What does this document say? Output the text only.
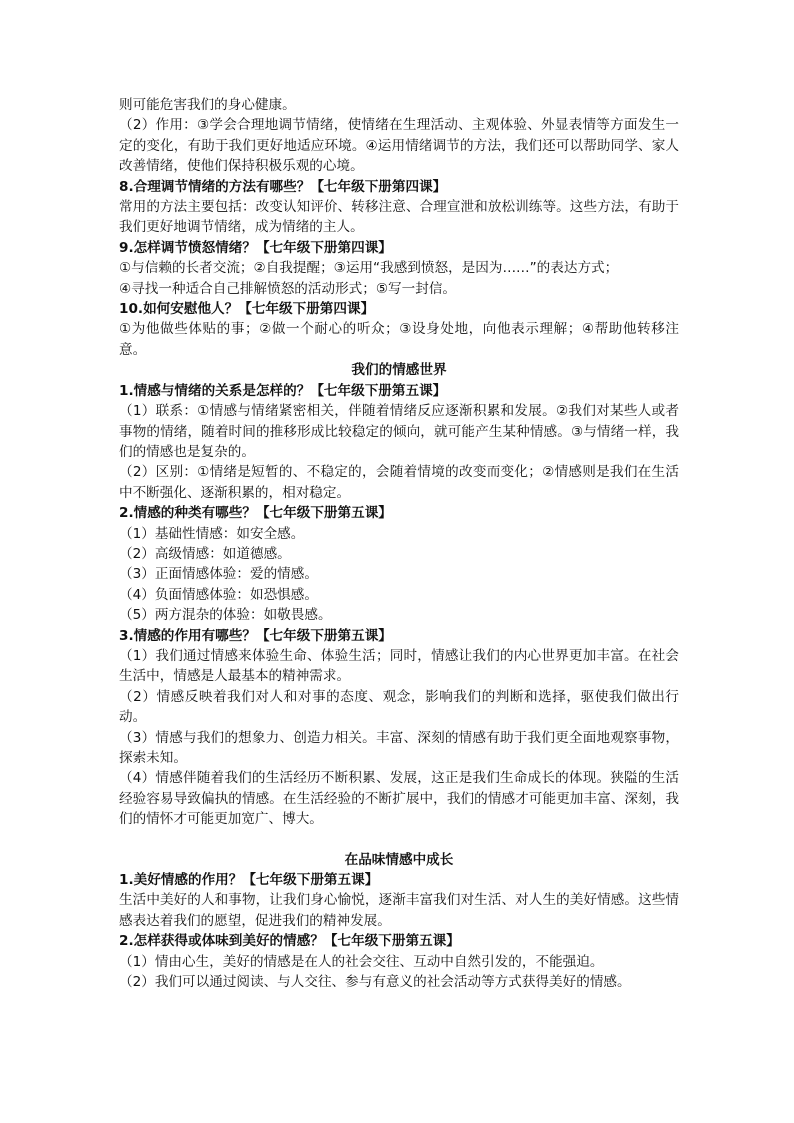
则可能危害我们的身心健康。

（2）作用：③学会合理地调节情绪，使情绪在生理活动、主观体验、外显表情等方面发生一定的变化，有助于我们更好地适应环境。④运用情绪调节的方法，我们还可以帮助同学、家人改善情绪，使他们保持积极乐观的心境。

8.合理调节情绪的方法有哪些？【七年级下册第四课】

常用的方法主要包括：改变认知评价、转移注意、合理宣泄和放松训练等。这些方法，有助于我们更好地调节情绪，成为情绪的主人。

9.怎样调节愤怒情绪？【七年级下册第四课】

①与信赖的长者交流；②自我提醒；③运用“我感到愤怒，是因为……”的表达方式；

④寻找一种适合自己排解愤怒的活动形式；⑤写一封信。

10.如何安慰他人？【七年级下册第四课】

①为他做些体贴的事；②做一个耐心的听众；③设身处地，向他表示理解；④帮助他转移注意。

我们的情感世界

1.情感与情绪的关系是怎样的？【七年级下册第五课】

（1）联系：①情感与情绪紧密相关，伴随着情绪反应逐渐积累和发展。②我们对某些人或者事物的情绪，随着时间的推移形成比较稳定的倾向，就可能产生某种情感。③与情绪一样，我们的情感也是复杂的。

（2）区别：①情绪是短暂的、不稳定的，会随着情境的改变而变化；②情感则是我们在生活中不断强化、逐渐积累的，相对稳定。

2.情感的种类有哪些？【七年级下册第五课】

（1）基础性情感：如安全感。

（2）高级情感：如道德感。

（3）正面情感体验：爱的情感。

（4）负面情感体验：如恐惧感。

（5）两方混杂的体验：如敬畏感。

3.情感的作用有哪些？【七年级下册第五课】

（1）我们通过情感来体验生命、体验生活；同时，情感让我们的内心世界更加丰富。在社会生活中，情感是人最基本的精神需求。

（2）情感反映着我们对人和对事的态度、观念，影响我们的判断和选择，驱使我们做出行动。

（3）情感与我们的想象力、创造力相关。丰富、深刻的情感有助于我们更全面地观察事物，探索未知。

（4）情感伴随着我们的生活经历不断积累、发展，这正是我们生命成长的体现。狭隘的生活经验容易导致偏执的情感。在生活经验的不断扩展中，我们的情感才可能更加丰富、深刻，我们的情怀才可能更加宽广、博大。

在品味情感中成长

1.美好情感的作用？【七年级下册第五课】

生活中美好的人和事物，让我们身心愉悦，逐渐丰富我们对生活、对人生的美好情感。这些情感表达着我们的愿望，促进我们的精神发展。

2.怎样获得或体味到美好的情感？【七年级下册第五课】

（1）情由心生，美好的情感是在人的社会交往、互动中自然引发的，不能强迫。

（2）我们可以通过阅读、与人交往、参与有意义的社会活动等方式获得美好的情感。
